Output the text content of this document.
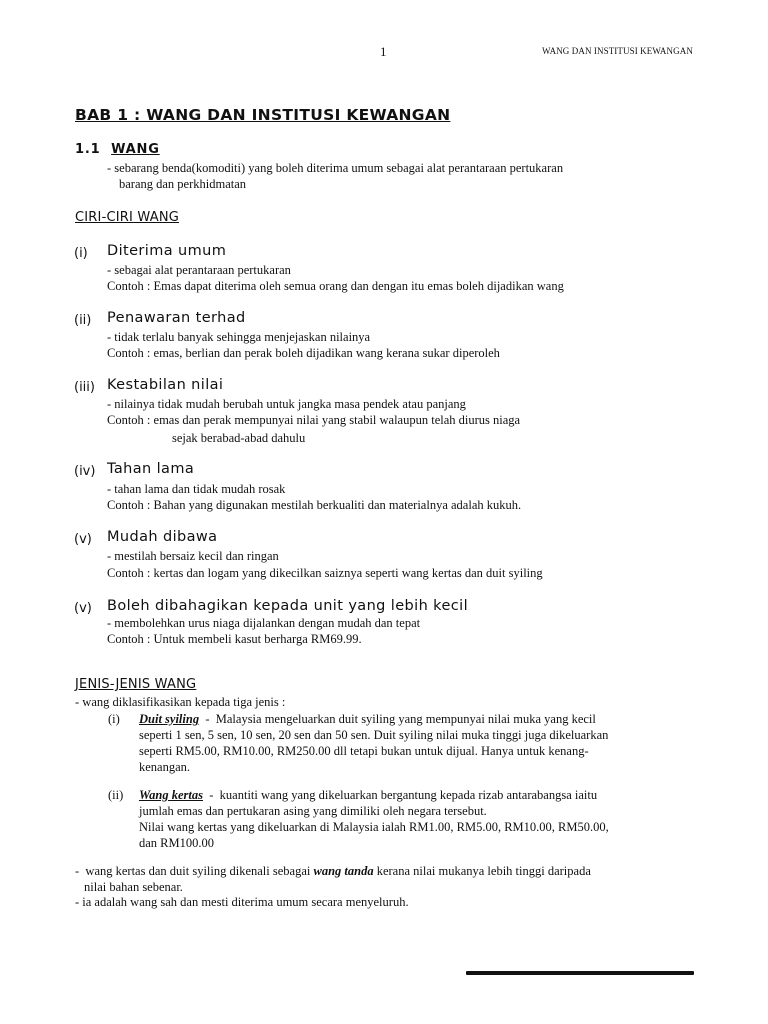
1	WANG DAN INSTITUSI KEWANGAN
BAB 1 : WANG DAN INSTITUSI KEWANGAN
1.1 WANG
- sebarang benda(komoditi) yang boleh diterima umum sebagai alat perantaraan pertukaran
barang dan perkhidmatan
CIRI-CIRI WANG
(i) Diterima umum
- sebagai alat perantaraan pertukaran
Contoh : Emas dapat diterima oleh semua orang dan dengan itu emas boleh dijadikan wang
(ii) Penawaran terhad
- tidak terlalu banyak sehingga menjejaskan nilainya
Contoh : emas, berlian dan perak boleh dijadikan wang kerana sukar diperoleh
(iii) Kestabilan nilai
- nilainya tidak mudah berubah untuk jangka masa pendek atau panjang
Contoh : emas dan perak mempunyai nilai yang stabil walaupun telah diurus niaga
sejak berabad-abad dahulu
(iv) Tahan lama
- tahan lama dan tidak mudah rosak
Contoh : Bahan yang digunakan mestilah berkualiti dan materialnya adalah kukuh.
(v) Mudah dibawa
- mestilah bersaiz kecil dan ringan
Contoh : kertas dan logam yang dikecilkan saiznya seperti wang kertas dan duit syiling
(v) Boleh dibahagikan kepada unit yang lebih kecil
- membolehkan urus niaga dijalankan dengan mudah dan tepat
Contoh : Untuk membeli kasut berharga RM69.99.
JENIS-JENIS WANG
- wang diklasifikasikan kepada tiga jenis :
(i) Duit syiling  -  Malaysia mengeluarkan duit syiling yang mempunyai nilai muka yang kecil
seperti 1 sen, 5 sen, 10 sen, 20 sen dan 50 sen. Duit syiling nilai muka tinggi juga dikeluarkan
seperti RM5.00, RM10.00, RM250.00 dll tetapi bukan untuk dijual. Hanya untuk kenang-
kenangan.
(ii) Wang kertas  -  kuantiti wang yang dikeluarkan bergantung kepada rizab antarabangsa iaitu
jumlah emas dan pertukaran asing yang dimiliki oleh negara tersebut.
Nilai wang kertas yang dikeluarkan di Malaysia ialah RM1.00, RM5.00, RM10.00, RM50.00,
dan RM100.00
-  wang kertas dan duit syiling dikenali sebagai wang tanda kerana nilai mukanya lebih tinggi daripada
nilai bahan sebenar.
- ia adalah wang sah dan mesti diterima umum secara menyeluruh.
